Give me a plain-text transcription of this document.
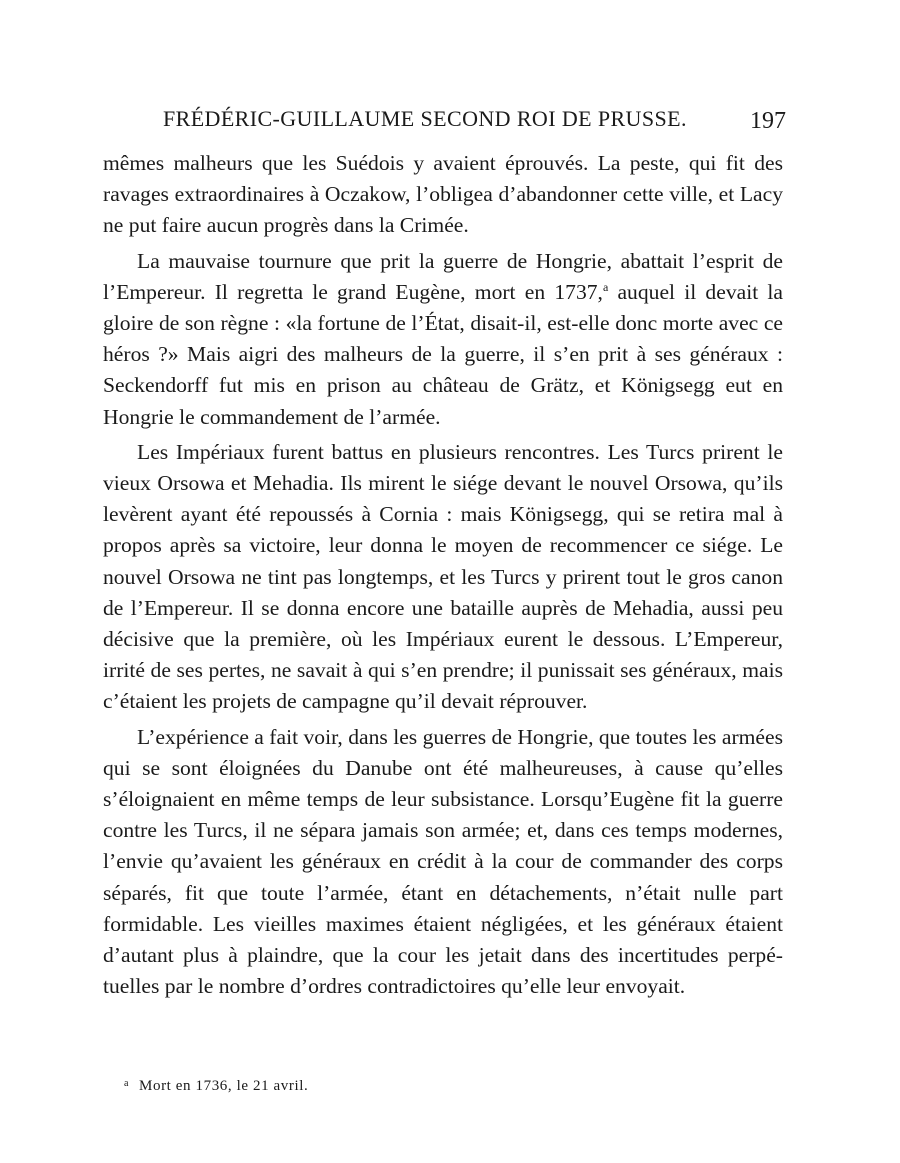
FRÉDÉRIC-GUILLAUME SECOND ROI DE PRUSSE.	197

mêmes malheurs que les Suédois y avaient éprouvés. La peste, qui fit des ravages extraordinaires à Oczakow, l’obligea d’abandonner cette ville, et Lacy ne put faire aucun progrès dans la Crimée.

La mauvaise tournure que prit la guerre de Hongrie, abattait l’esprit de l’Empereur. Il regretta le grand Eugène, mort en 1737,$^a$ auquel il devait la gloire de son règne : «la fortune de l’État, disait-il, est-elle donc morte avec ce héros ?» Mais aigri des malheurs de la guerre, il s’en prit à ses généraux : Seckendorff fut mis en prison au château de Grätz, et Königsegg eut en Hongrie le commandement de l’armée.

Les Impériaux furent battus en plusieurs rencontres. Les Turcs prirent le vieux Orsowa et Mehadia. Ils mirent le siége devant le nouvel Orsowa, qu’ils levèrent ayant été repoussés à Cornia : mais Königsegg, qui se retira mal à propos après sa victoire, leur donna le moyen de recommencer ce siége. Le nouvel Orsowa ne tint pas longtemps, et les Turcs y prirent tout le gros canon de l’Empereur. Il se donna encore une bataille auprès de Mehadia, aussi peu décisive que la première, où les Impériaux eurent le dessous. L’Empereur, irrité de ses pertes, ne savait à qui s’en prendre; il punissait ses généraux, mais c’étaient les projets de campagne qu’il devait réprouver.

L’expérience a fait voir, dans les guerres de Hongrie, que toutes les armées qui se sont éloignées du Danube ont été malheureuses, à cause qu’elles s’éloignaient en même temps de leur subsistance. Lorsqu’Eugène fit la guerre contre les Turcs, il ne sépara jamais son armée; et, dans ces temps modernes, l’envie qu’avaient les généraux en crédit à la cour de commander des corps séparés, fit que toute l’armée, étant en détachements, n’était nulle part formidable. Les vieilles maximes étaient négligées, et les généraux étaient d’autant plus à plaindre, que la cour les jetait dans des incertitudes perpétuelles par le nombre d’ordres contradictoires qu’elle leur envoyait.

$^a$ Mort en 1736, le 21 avril.
